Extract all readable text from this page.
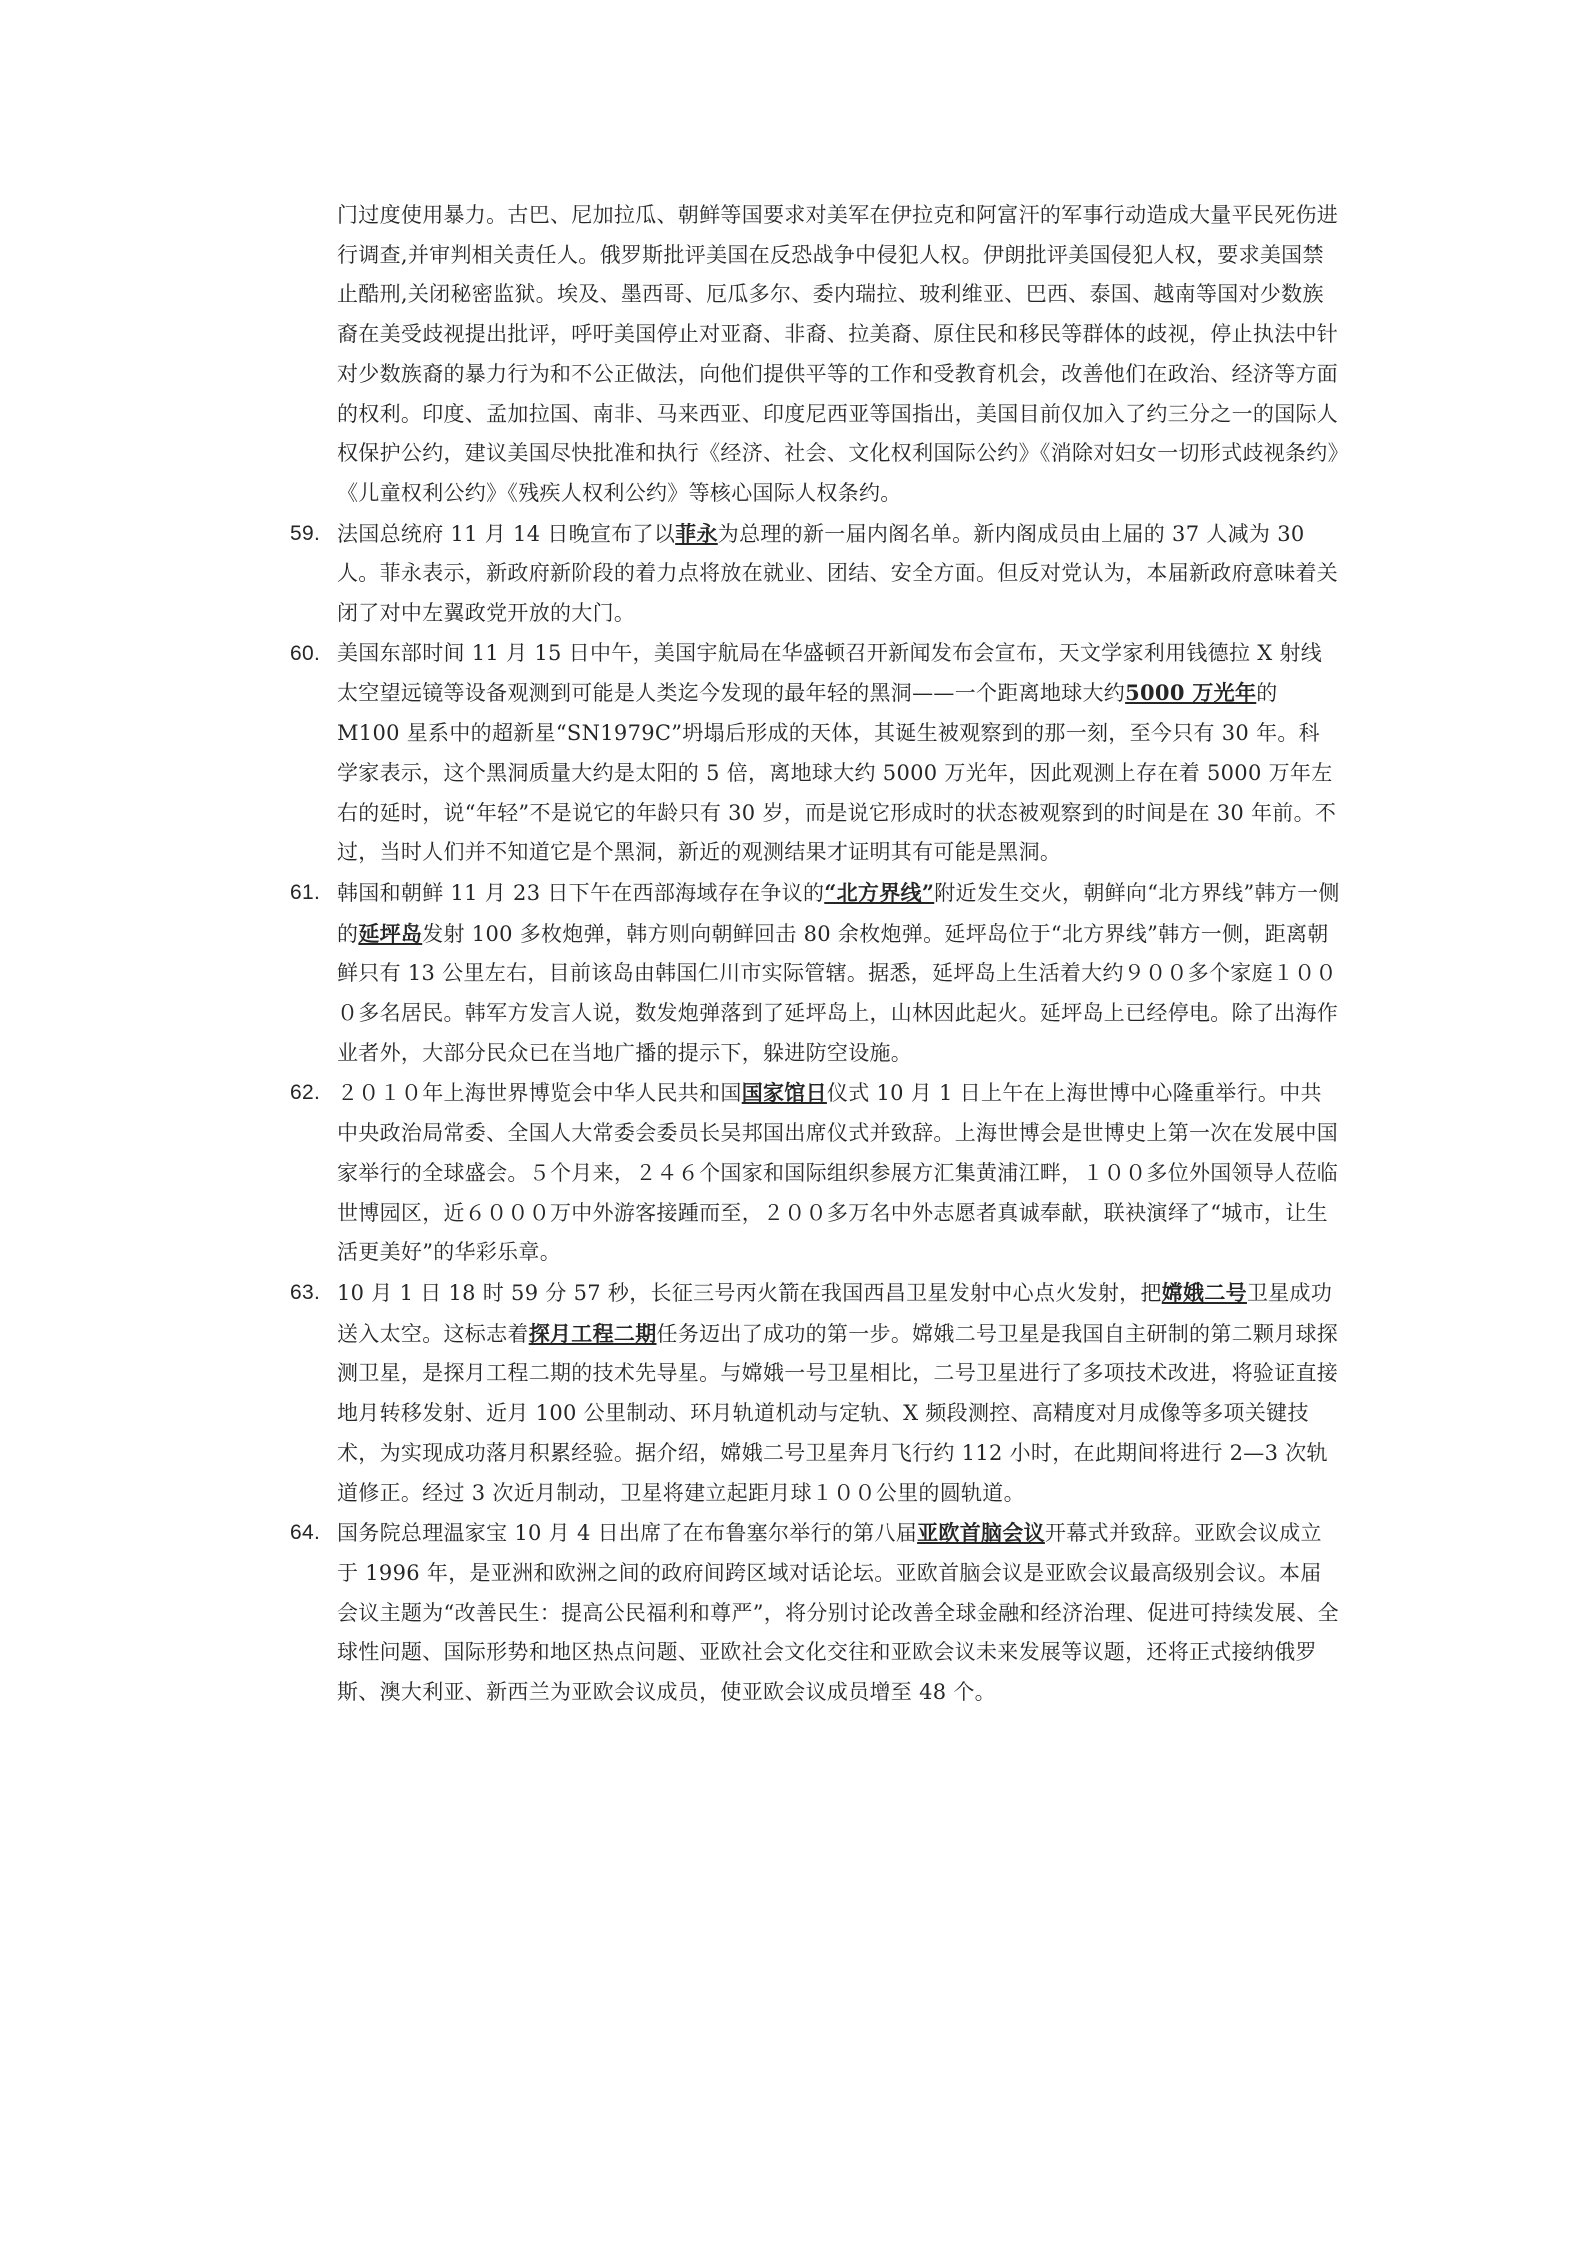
门过度使用暴力。古巴、尼加拉瓜、朝鲜等国要求对美军在伊拉克和阿富汗的军事行动造成大量平民死伤进行调查,并审判相关责任人。俄罗斯批评美国在反恐战争中侵犯人权。伊朗批评美国侵犯人权，要求美国禁止酷刑,关闭秘密监狱。埃及、墨西哥、厄瓜多尔、委内瑞拉、玻利维亚、巴西、泰国、越南等国对少数族裔在美受歧视提出批评，呼吁美国停止对亚裔、非裔、拉美裔、原住民和移民等群体的歧视，停止执法中针对少数族裔的暴力行为和不公正做法，向他们提供平等的工作和受教育机会，改善他们在政治、经济等方面的权利。印度、孟加拉国、南非、马来西亚、印度尼西亚等国指出，美国目前仅加入了约三分之一的国际人权保护公约，建议美国尽快批准和执行《经济、社会、文化权利国际公约》《消除对妇女一切形式歧视条约》《儿童权利公约》《残疾人权利公约》等核心国际人权条约。

59. 法国总统府 11 月 14 日晚宣布了以菲永为总理的新一届内阁名单。新内阁成员由上届的 37 人减为 30 人。菲永表示，新政府新阶段的着力点将放在就业、团结、安全方面。但反对党认为，本届新政府意味着关闭了对中左翼政党开放的大门。

60. 美国东部时间 11 月 15 日中午，美国宇航局在华盛顿召开新闻发布会宣布，天文学家利用钱德拉 X 射线太空望远镜等设备观测到可能是人类迄今发现的最年轻的黑洞——一个距离地球大约5000 万光年的 M100 星系中的超新星“SN1979C”坍塌后形成的天体，其诞生被观察到的那一刻，至今只有 30 年。科学家表示，这个黑洞质量大约是太阳的 5 倍，离地球大约 5000 万光年，因此观测上存在着 5000 万年左右的延时，说“年轻”不是说它的年龄只有 30 岁，而是说它形成时的状态被观察到的时间是在 30 年前。不过，当时人们并不知道它是个黑洞，新近的观测结果才证明其有可能是黑洞。

61. 韩国和朝鲜 11 月 23 日下午在西部海域存在争议的“北方界线”附近发生交火，朝鲜向“北方界线”韩方一侧的延坪岛发射 100 多枚炮弹，韩方则向朝鲜回击 80 余枚炮弹。延坪岛位于“北方界线”韩方一侧，距离朝鲜只有 13 公里左右，目前该岛由韩国仁川市实际管辖。据悉，延坪岛上生活着大约９００多个家庭１０００多名居民。韩军方发言人说，数发炮弹落到了延坪岛上，山林因此起火。延坪岛上已经停电。除了出海作业者外，大部分民众已在当地广播的提示下，躲进防空设施。

62. ２０１０年上海世界博览会中华人民共和国国家馆日仪式 10 月 1 日上午在上海世博中心隆重举行。中共中央政治局常委、全国人大常委会委员长吴邦国出席仪式并致辞。上海世博会是世博史上第一次在发展中国家举行的全球盛会。５个月来，２４６个国家和国际组织参展方汇集黄浦江畔，１００多位外国领导人莅临世博园区，近６０００万中外游客接踵而至，２００多万名中外志愿者真诚奉献，联袂演绎了“城市，让生活更美好”的华彩乐章。

63. 10 月 1 日 18 时 59 分 57 秒，长征三号丙火箭在我国西昌卫星发射中心点火发射，把嫦娥二号卫星成功送入太空。这标志着探月工程二期任务迈出了成功的第一步。嫦娥二号卫星是我国自主研制的第二颗月球探测卫星，是探月工程二期的技术先导星。与嫦娥一号卫星相比，二号卫星进行了多项技术改进，将验证直接地月转移发射、近月 100 公里制动、环月轨道机动与定轨、X 频段测控、高精度对月成像等多项关键技术，为实现成功落月积累经验。据介绍，嫦娥二号卫星奔月飞行约 112 小时，在此期间将进行 2—3 次轨道修正。经过 3 次近月制动，卫星将建立起距月球１００公里的圆轨道。

64. 国务院总理温家宝 10 月 4 日出席了在布鲁塞尔举行的第八届亚欧首脑会议开幕式并致辞。亚欧会议成立于 1996 年，是亚洲和欧洲之间的政府间跨区域对话论坛。亚欧首脑会议是亚欧会议最高级别会议。本届会议主题为“改善民生：提高公民福利和尊严”，将分别讨论改善全球金融和经济治理、促进可持续发展、全球性问题、国际形势和地区热点问题、亚欧社会文化交往和亚欧会议未来发展等议题，还将正式接纳俄罗斯、澳大利亚、新西兰为亚欧会议成员，使亚欧会议成员增至 48 个。
